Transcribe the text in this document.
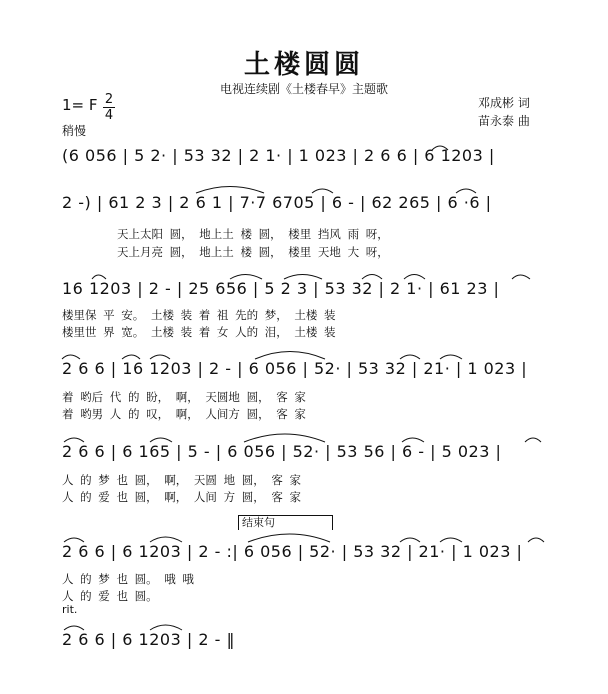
土楼圆圆
电视连续剧《土楼春早》主题歌
1= F 2
4
稍慢
邓成彬 词
苗永泰 曲
(6 056 | 5 2· | 53 32 | 2 1· | 1 023 | 2 6 6 | 6 1203 |
2 -) | 61 2 3 | 2 6 1 | 7·7 6705 | 6 - | 62 265 | 6 ·6 |
天上太阳 圆， 地上土 楼 圆， 楼里 挡风 雨 呀，
天上月亮 圆， 地上土 楼 圆， 楼里 天地 大 呀，
16 1203 | 2 - | 25 656 | 5 2 3 | 53 32 | 2 1· | 61 23 |
楼里保 平 安。 土楼 装 着 祖 先的 梦， 土楼 装
楼里世 界 宽。 土楼 装 着 女 人的 泪， 土楼 装
2 6 6 | 16 1203 | 2 - | 6 056 | 52· | 53 32 | 21· | 1 023 |
着 哟后 代 的 盼， 啊， 天圆地 圆， 客 家
着 哟男 人 的 叹， 啊， 人间方 圆， 客 家
2 6 6 | 6 165 | 5 - | 6 056 | 52· | 53 56 | 6 - | 5 023 |
人 的 梦 也 圆， 啊， 天圆 地 圆， 客 家
人 的 爱 也 圆， 啊， 人间 方 圆， 客 家
结束句
2 6 6 | 6 1203 | 2 - :| 6 056 | 52· | 53 32 | 21· | 1 023 |
人 的 梦 也 圆。 哦 哦
人 的 爱 也 圆。
rit.
2 6 6 | 6 1203 | 2 - ‖
